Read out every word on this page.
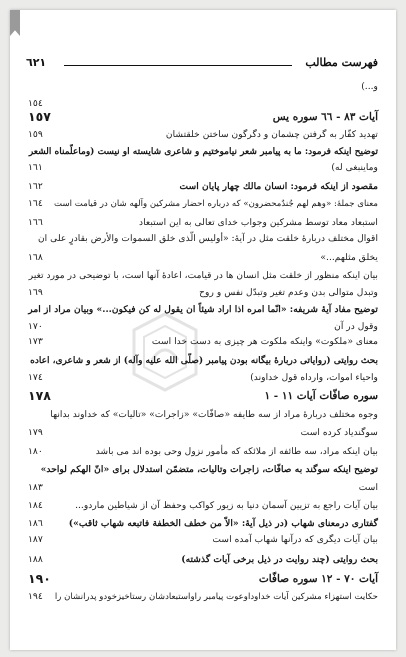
فهرست مطالب
٦٢١
و...)
١٥٤
آيات ٨٣ - ٦٦ سوره يس
١٥٧
تهديد كفّار به گرفتن چشمان و دگرگون ساختن خلقتشان
١٥٩
توضيح اينكه فرمود: ما به پيامبر شعر نياموختيم و شاعرى شايسته او نيست (وماعلّمناه الشعر
وماينبغى له)
١٦١
مقصود از اينكه فرمود: انسان مالك چهار پايان است
١٦٢
معناى جملۀ: «وهم لهم جُندٌمحضرون» كه درباره احضار مشركين وآلهه شان در قيامت است
١٦٤
استبعاد معاد توسط مشركين وجواب خداى تعالى به اين استبعاد
١٦٦
اقوال مختلف دربارۀ خلقت مثل در آيۀ: «أوليس الّذى خلق السموات والأرض بقادرٍ على ان
يخلق مثلهم...»
١٦٨
بيان اينكه منظور از خلقت مثل انسان ها در قيامت، اعادۀ آنها است، با توضيحى در مورد تغير
وتبدل متوالى بدن وعدم تغير وتبدّل نفس و روح
١٦٩
توضيح مفاد آيۀ شريفه: «انّما امره اذا اراد شيئاً ان يقول له كن فيكون...» وبيان مراد از امر
وقول در آن
١٧٠
معناى «ملكوت» واينكه ملكوت هر چيزى به دست خدا است
١٧٣
بحث روايتى (رواياتى دربارۀ بيگانه بودن پيامبر (صلّى الله عليه وآله) از شعر و شاعرى، اعاده
واحياء اموات، وارداه قول خداوند)
١٧٤
سوره صافّات آيات ١١ - ١
١٧٨
وجوه مختلف دربارۀ مراد از سه طايفه «صافّات» «زاجرات» «تاليات» كه خداوند بدانها
سوگندياد كرده است
١٧٩
بيان اينكه مراد، سه طائفه از ملائكه كه مأمور نزول وحى بوده اند مى باشد
١٨٠
توضيح اينكه سوگند به صافّات، زاجرات وتاليات، متضمّن استدلال براى «انّ الهكم لواحد»
است
١٨٣
بيان آيات راجع به تزيين آسمان دنيا به زيور كواكب وحفظ آن از شياطين ماردو...
١٨٤
گفتارى درمعناى شهاب (در ذيل آيۀ: «الاّ من خطف الخطفة فاتبعه شهاب ثاقب»)
١٨٦
بيان آيات ديگرى كه درآنها شهاب آمده است
١٨٧
بحث روايتى (چند روايت در ذيل برخى آيات گذشته)
١٨٨
آيات ٧٠ - ١٢ سوره صافّات
١٩٠
حكايت استهزاء مشركين آيات خداوداوعوت پيامبر راواستبعادشان رستاخيزخودو پدرانشان را
١٩٤
